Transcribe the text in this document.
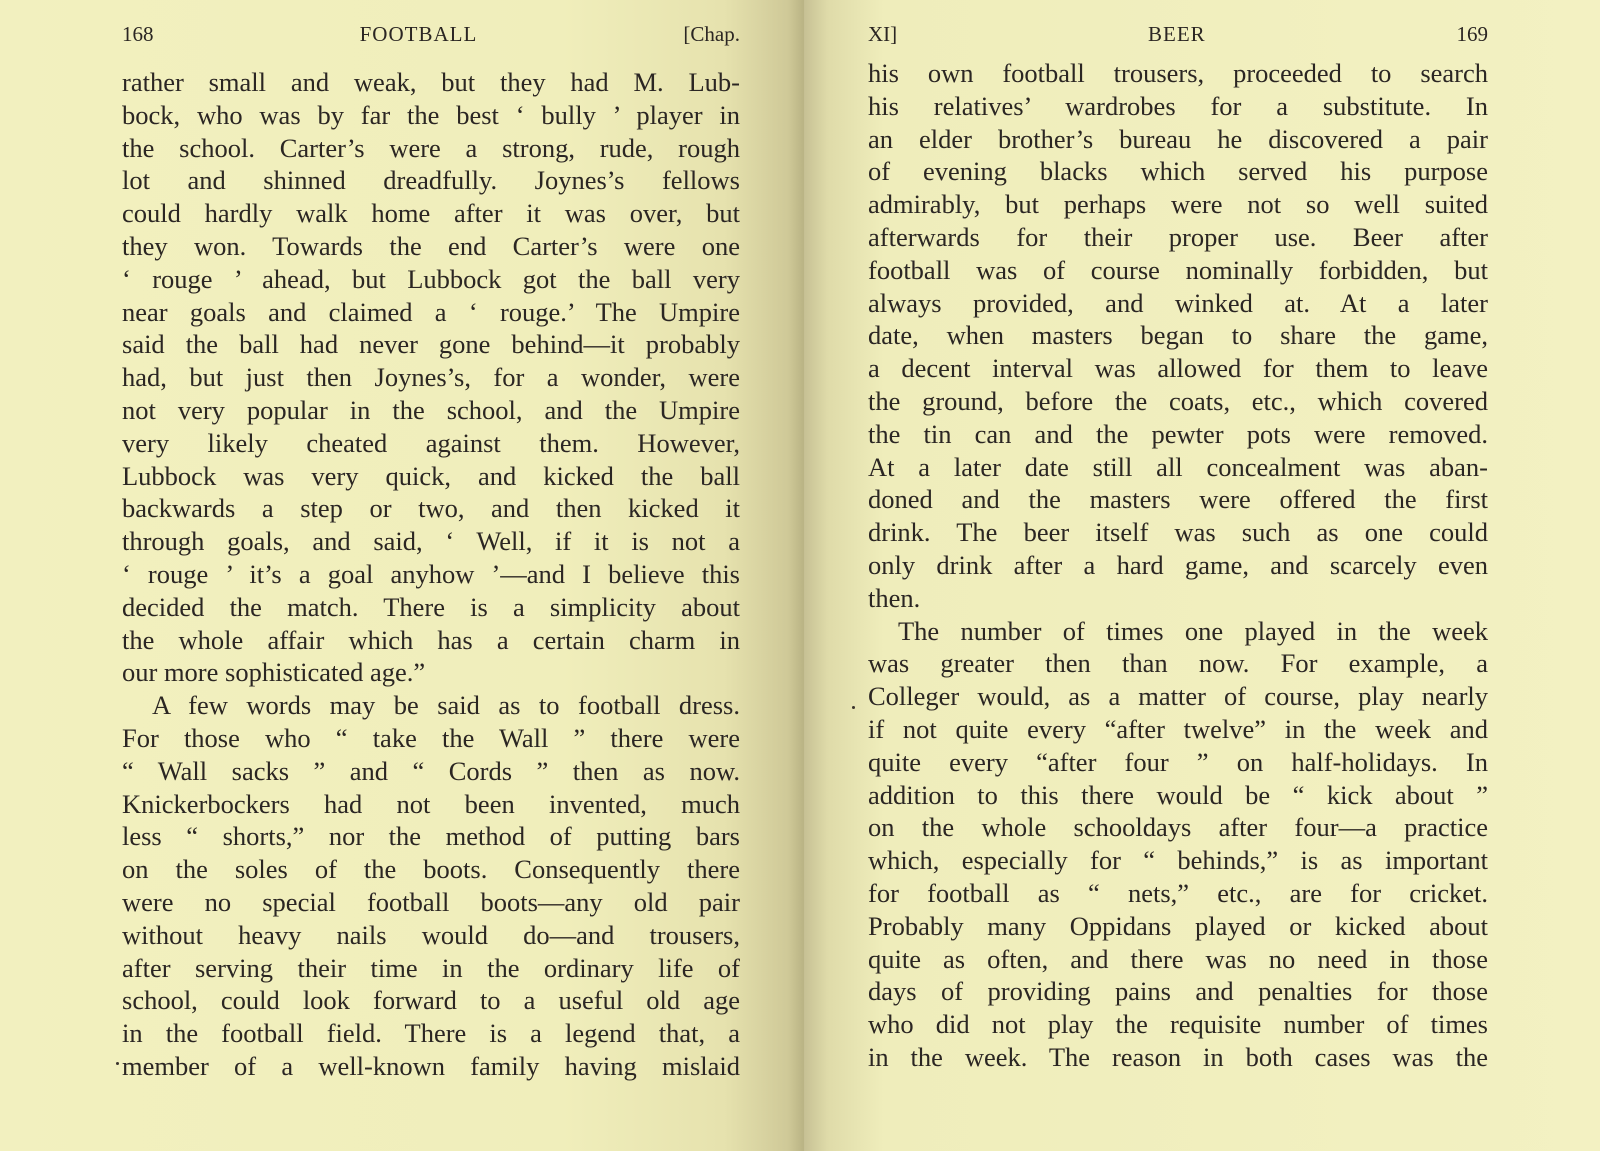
168	FOOTBALL	[Chap.
rather small and weak, but they had M. Lub-
bock, who was by far the best ‘ bully ’ player in
the school. Carter’s were a strong, rude, rough
lot and shinned dreadfully. Joynes’s fellows
could hardly walk home after it was over, but
they won. Towards the end Carter’s were one
‘ rouge ’ ahead, but Lubbock got the ball very
near goals and claimed a ‘ rouge.’ The Umpire
said the ball had never gone behind—it probably
had, but just then Joynes’s, for a wonder, were
not very popular in the school, and the Umpire
very likely cheated against them. However,
Lubbock was very quick, and kicked the ball
backwards a step or two, and then kicked it
through goals, and said, ‘ Well, if it is not a
‘ rouge ’ it’s a goal anyhow ’—and I believe this
decided the match. There is a simplicity about
the whole affair which has a certain charm in
our more sophisticated age.”
A few words may be said as to football dress.
For those who “ take the Wall ” there were
“ Wall sacks ” and “ Cords ” then as now.
Knickerbockers had not been invented, much
less “ shorts,” nor the method of putting bars
on the soles of the boots. Consequently there
were no special football boots—any old pair
without heavy nails would do—and trousers,
after serving their time in the ordinary life of
school, could look forward to a useful old age
in the football field. There is a legend that, a
member of a well-known family having mislaid
XI]	BEER	169
his own football trousers, proceeded to search
his relatives’ wardrobes for a substitute. In
an elder brother’s bureau he discovered a pair
of evening blacks which served his purpose
admirably, but perhaps were not so well suited
afterwards for their proper use. Beer after
football was of course nominally forbidden, but
always provided, and winked at. At a later
date, when masters began to share the game,
a decent interval was allowed for them to leave
the ground, before the coats, etc., which covered
the tin can and the pewter pots were removed.
At a later date still all concealment was aban-
doned and the masters were offered the first
drink. The beer itself was such as one could
only drink after a hard game, and scarcely even
then.
The number of times one played in the week
was greater then than now. For example, a
Colleger would, as a matter of course, play nearly
if not quite every “after twelve” in the week and
quite every “after four ” on half-holidays. In
addition to this there would be “ kick about ”
on the whole schooldays after four—a practice
which, especially for “ behinds,” is as important
for football as “ nets,” etc., are for cricket.
Probably many Oppidans played or kicked about
quite as often, and there was no need in those
days of providing pains and penalties for those
who did not play the requisite number of times
in the week. The reason in both cases was the
